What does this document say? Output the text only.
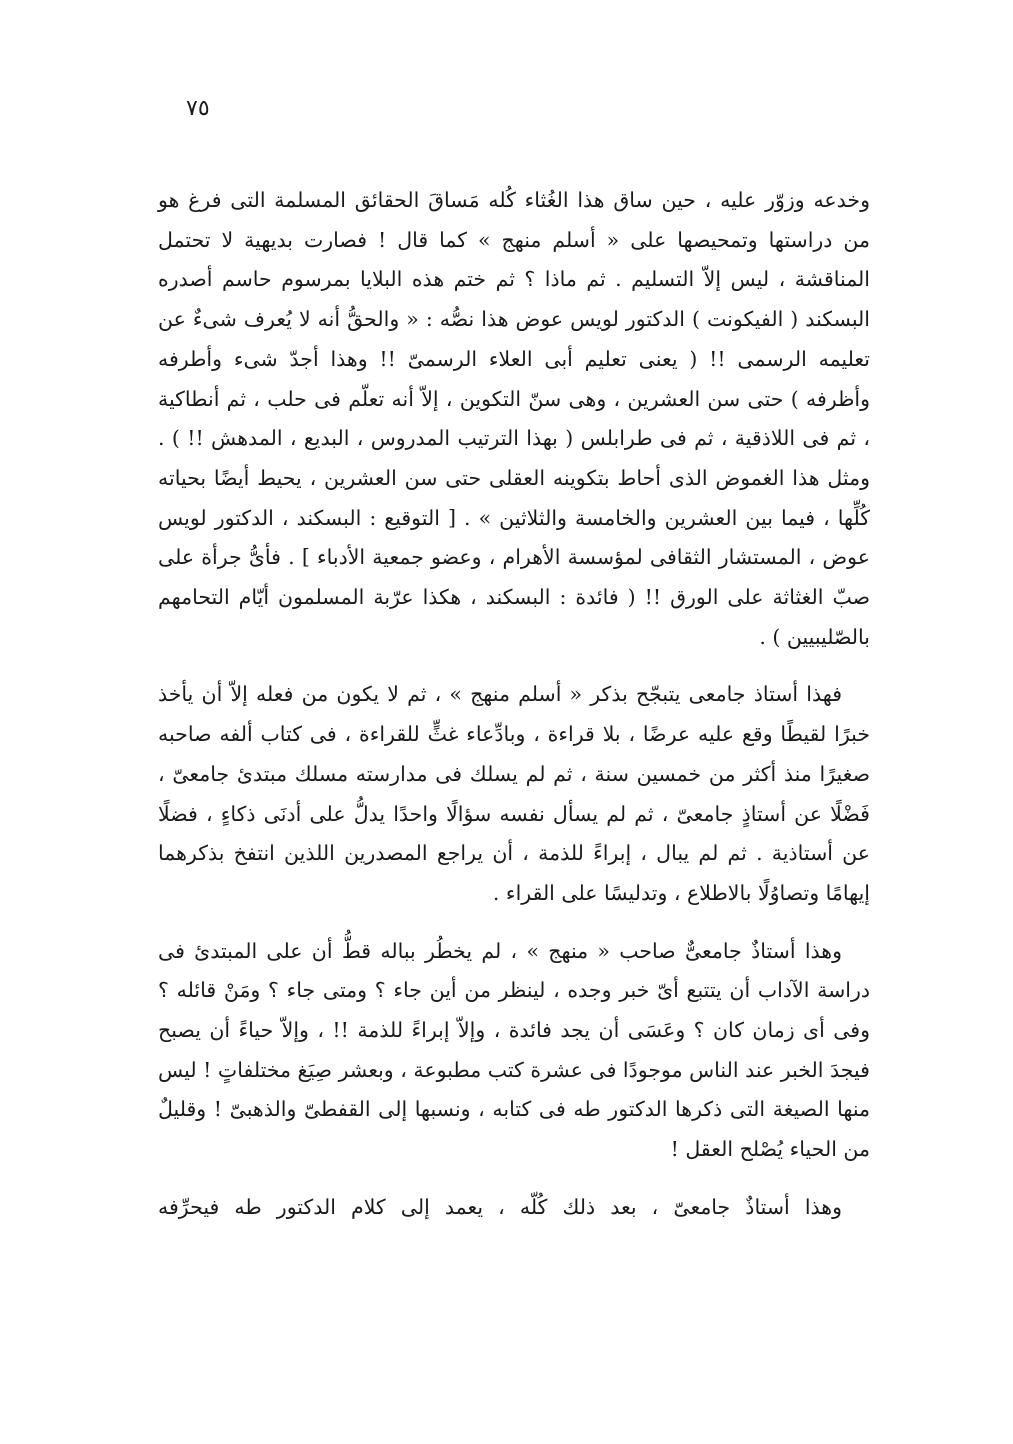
٧٥

وخدعه وزوّر عليه ، حين ساق هذا الغُثاء كُله مَساقَ الحقائق المسلمة التى فرغ هو من دراستها وتمحيصها على « أسلم منهج » كما قال ! فصارت بديهية لا تحتمل المناقشة ، ليس إلاّ التسليم . ثم ماذا ؟ ثم ختم هذه البلايا بمرسوم حاسم أصدره البسكند ( الفيكونت ) الدكتور لويس عوض هذا نصُّه : « والحقُّ أنه لا يُعرف شىءٌ عن تعليمه الرسمى !! ( يعنى تعليم أبى العلاء الرسمىّ !! وهذا أجدّ شىء وأطرفه وأظرفه ) حتى سن العشرين ، وهى سنّ التكوين ، إلاّ أنه تعلّم فى حلب ، ثم أنطاكية ، ثم فى اللاذقية ، ثم فى طرابلس ( بهذا الترتيب المدروس ، البديع ، المدهش !! ) . ومثل هذا الغموض الذى أحاط بتكوينه العقلى حتى سن العشرين ، يحيط أيضًا بحياته كُلِّها ، فيما بين العشرين والخامسة والثلاثين » . [ التوقيع : البسكند ، الدكتور لويس عوض ، المستشار الثقافى لمؤسسة الأهرام ، وعضو جمعية الأدباء ] . فأىُّ جرأة على صبّ الغثاثة على الورق !! ( فائدة : البسكند ، هكذا عرّبة المسلمون أيّام التحامهم بالصّليبيين ) .

فهذا أستاذ جامعى يتبجّح بذكر « أسلم منهج » ، ثم لا يكون من فعله إلاّ أن يأخذ خبرًا لقيطًا وقع عليه عرضًا ، بلا قراءة ، وبادِّعاء غثٍّ للقراءة ، فى كتاب ألفه صاحبه صغيرًا منذ أكثر من خمسين سنة ، ثم لم يسلك فى مدارسته مسلك مبتدئ جامعىّ ، فَضْلًا عن أستاذٍ جامعىّ ، ثم لم يسأل نفسه سؤالًا واحدًا يدلُّ على أدنَى ذكاءٍ ، فضلًا عن أستاذية . ثم لم يبال ، إبراءً للذمة ، أن يراجع المصدرين اللذين انتفخ بذكرهما إيهامًا وتصاوُلًا بالاطلاع ، وتدليسًا على القراء .

وهذا أستاذٌ جامعىٌّ صاحب « منهج » ، لم يخطُر بباله قطُّ أن على المبتدئ فى دراسة الآداب أن يتتبع أىّ خبر وجده ، لينظر من أين جاء ؟ ومتى جاء ؟ ومَنْ قائله ؟ وفى أى زمان كان ؟ وعَسَى أن يجد فائدة ، وإلاّ إبراءً للذمة !! ، وإلاّ حياءً أن يصبح فيجدَ الخبر عند الناس موجودًا فى عشرة كتب مطبوعة ، وبعشر صِيَغ مختلفاتٍ ! ليس منها الصيغة التى ذكرها الدكتور طه فى كتابه ، ونسبها إلى القفطىّ والذهبىّ ! وقليلٌ من الحياء يُصْلح العقل !

وهذا أستاذٌ جامعىّ ، بعد ذلك كُلّه ، يعمد إلى كلام الدكتور طه فيحرِّفه
